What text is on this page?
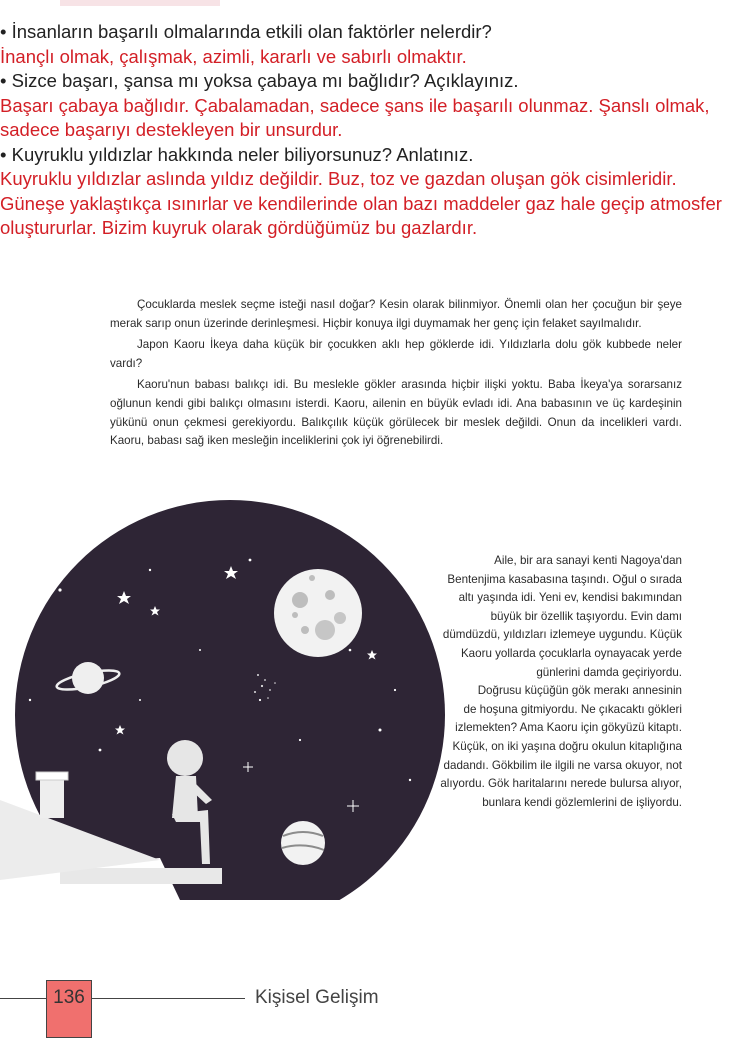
• İnsanların başarılı olmalarında etkili olan faktörler nelerdir?

İnançlı olmak, çalışmak, azimli, kararlı ve sabırlı olmaktır.

• Sizce başarı, şansa mı yoksa çabaya mı bağlıdır? Açıklayınız.

Başarı çabaya bağlıdır. Çabalamadan, sadece şans ile başarılı olunmaz. Şanslı olmak, sadece başarıyı destekleyen bir unsurdur.

• Kuyruklu yıldızlar hakkında neler biliyorsunuz? Anlatınız.

Kuyruklu yıldızlar aslında yıldız değildir. Buz, toz ve gazdan oluşan gök cisimleridir. Güneşe yaklaştıkça ısınırlar ve kendilerinde olan bazı maddeler gaz hale geçip atmosfer oluştururlar. Bizim kuyruk olarak gördüğümüz bu gazlardır.

Çocuklarda meslek seçme isteği nasıl doğar? Kesin olarak bilinmiyor. Önemli olan her çocuğun bir şeye merak sarıp onun üzerinde derinleşmesi. Hiçbir konuya ilgi duymamak her genç için felaket sayılmalıdır.

Japon Kaoru İkeya daha küçük bir çocukken aklı hep göklerde idi. Yıldızlarla dolu gök kubbede neler vardı?

Kaoru'nun babası balıkçı idi. Bu meslekle gökler arasında hiçbir ilişki yoktu. Baba İkeya'ya sorarsanız oğlunun kendi gibi balıkçı olmasını isterdi. Kaoru, ailenin en büyük evladı idi. Ana babasının ve üç kardeşinin yükünü onun çekmesi gerekiyordu. Balıkçılık küçük görülecek bir meslek değildi. Onun da incelikleri vardı. Kaoru, babası sağ iken mesleğin inceliklerini çok iyi öğrenebilirdi.

Aile, bir ara sanayi kenti Nagoya'dan Bentenjima kasabasına taşındı. Oğul o sırada altı yaşında idi. Yeni ev, kendisi bakımından büyük bir özellik taşıyordu. Evin damı dümdüzdü, yıldızları izlemeye uygundu. Küçük Kaoru yollarda çocuklarla oynayacak yerde günlerini damda geçiriyordu.

Doğrusu küçüğün gök merakı annesinin de hoşuna gitmiyordu. Ne çıkacaktı gökleri izlemekten? Ama Kaoru için gökyüzü kitaptı. Küçük, on iki yaşına doğru okulun kitaplığına dadandı. Gökbilim ile ilgili ne varsa okuyor, not alıyordu. Gök haritalarını nerede bulursa alıyor, bunlara kendi gözlemlerini de işliyordu.

136	Kişisel Gelişim
